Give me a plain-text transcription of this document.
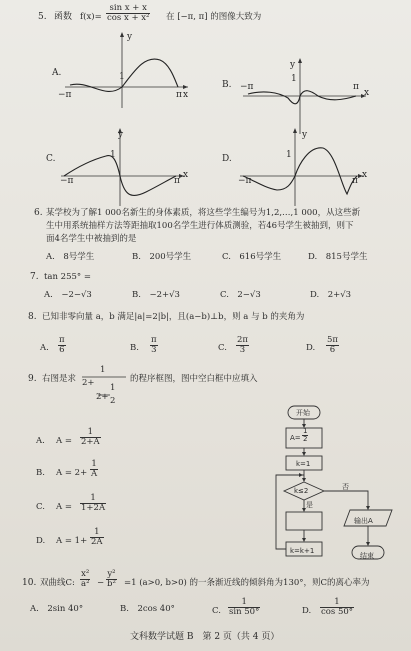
5. 函数 $f(x)= \frac{\text{sin x + x}}{\text{cos x + x²}}$ 在 [−π, π] 的图像大致为
A.
−π	π x
y
1
B. −π	π
x
y
1
C.
−π	π
x
y
1	D.
−π	π
x
y
1
6. 某学校为了解1 000名新生的身体素质，将这些学生编号为1,2,…,1 000，从这些新
生中用系统抽样方法等距抽取100名学生进行体质测验，若46号学生被抽到，则下
面4名学生中被抽到的是
A.　8号学生	B.　200号学生	C.　616号学生	D.　815号学生
7. tan 255° =
A.　−2−√3	B.　−2+√3	C.　2−√3	D.　2+√3
8. 已知非零向量 a，b 满足|a|=2|b|，且(a−b)⊥b，则 a 与 b 的夹角为
A. $\frac{\pi}{6}$	B. $\frac{\pi}{3}$	C. $\frac{2\pi}{3}$	D. $\frac{5\pi}{6}$
9. 右图是求
1
2+ 1
2+ 2
的程序框图，图中空白框中应填入
A. $A = \frac{1}{2+A}$
B. $A = 2+ \frac{1}{A}$
C. $A = \frac{1}{1+2A}$
D. $A = 1+ \frac{1}{2A}$
开始
$A= \frac{1}{2}$
k=1
k≤2
是
否
输出A
k=k+1
结束
10. 双曲线C: $\frac{\text{x²}}{\text{a²}} - \frac{\text{y²}}{\text{b²}} =1$ (a>0, b>0) 的一条渐近线的倾斜角为130°，则C的离心率为
A.　2sin 40°	B.　2cos 40°	C. $\frac{1}{\sin 50^\circ}$	D. $\frac{1}{\cos 50^\circ}$
文科数学试题 B　第 2 页（共 4 页）
